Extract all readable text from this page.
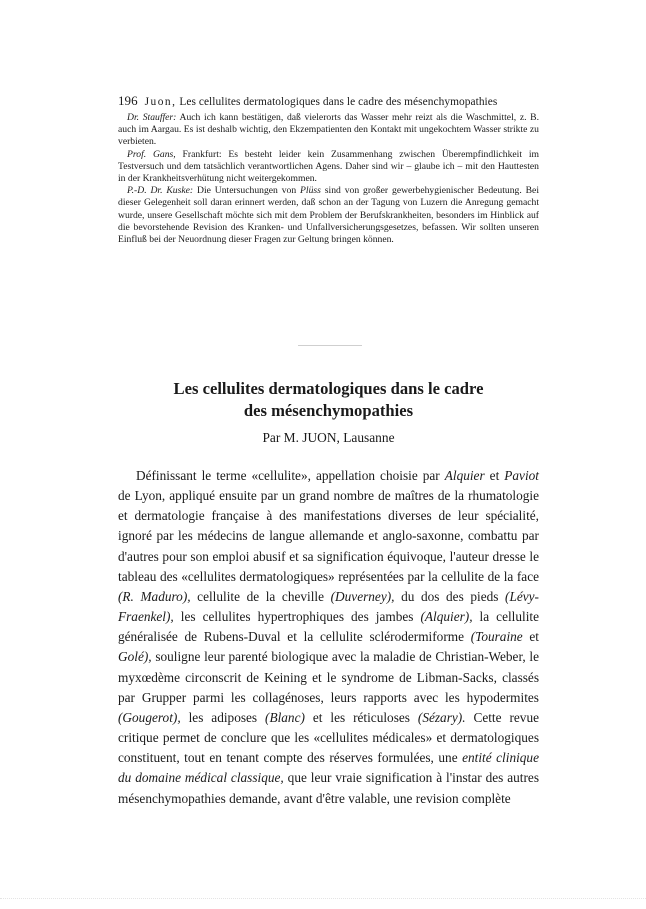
196 Juon, Les cellulites dermatologiques dans le cadre des mésenchymopathies

Dr. Stauffer: Auch ich kann bestätigen, daß vielerorts das Wasser mehr reizt als die Waschmittel, z. B. auch im Aargau. Es ist deshalb wichtig, den Ekzempatienten den Kontakt mit ungekochtem Wasser strikte zu verbieten.

Prof. Gans, Frankfurt: Es besteht leider kein Zusammenhang zwischen Überempfindlichkeit im Testversuch und dem tatsächlich verantwortlichen Agens. Daher sind wir – glaube ich – mit den Hauttesten in der Krankheitsverhütung nicht weitergekommen.

P.-D. Dr. Kuske: Die Untersuchungen von Plüss sind von großer gewerbehygienischer Bedeutung. Bei dieser Gelegenheit soll daran erinnert werden, daß schon an der Tagung von Luzern die Anregung gemacht wurde, unsere Gesellschaft möchte sich mit dem Problem der Berufskrankheiten, besonders im Hinblick auf die bevorstehende Revision des Kranken- und Unfallversicherungsgesetzes, befassen. Wir sollten unseren Einfluß bei der Neuordnung dieser Fragen zur Geltung bringen können.

Les cellulites dermatologiques dans le cadre
des mésenchymopathies
Par M. JUON, Lausanne

Définissant le terme «cellulite», appellation choisie par Alquier et Paviot de Lyon, appliqué ensuite par un grand nombre de maîtres de la rhumatologie et dermatologie française à des manifestations diverses de leur spécialité, ignoré par les médecins de langue allemande et anglo-saxonne, combattu par d'autres pour son emploi abusif et sa signification équivoque, l'auteur dresse le tableau des «cellulites dermatologiques» représentées par la cellulite de la face (R. Maduro), cellulite de la cheville (Duverney), du dos des pieds (Lévy-Fraenkel), les cellulites hypertrophiques des jambes (Alquier), la cellulite généralisée de Rubens-Duval et la cellulite sclérodermiforme (Touraine et Golé), souligne leur parenté biologique avec la maladie de Christian-Weber, le myxœdème circonscrit de Keining et le syndrome de Libman-Sacks, classés par Grupper parmi les collagénoses, leurs rapports avec les hypodermites (Gougerot), les adiposes (Blanc) et les réticuloses (Sézary). Cette revue critique permet de conclure que les «cellulites médicales» et dermatologiques constituent, tout en tenant compte des réserves formulées, une entité clinique du domaine médical classique, que leur vraie signification à l'instar des autres mésenchymopathies demande, avant d'être valable, une revision complète
